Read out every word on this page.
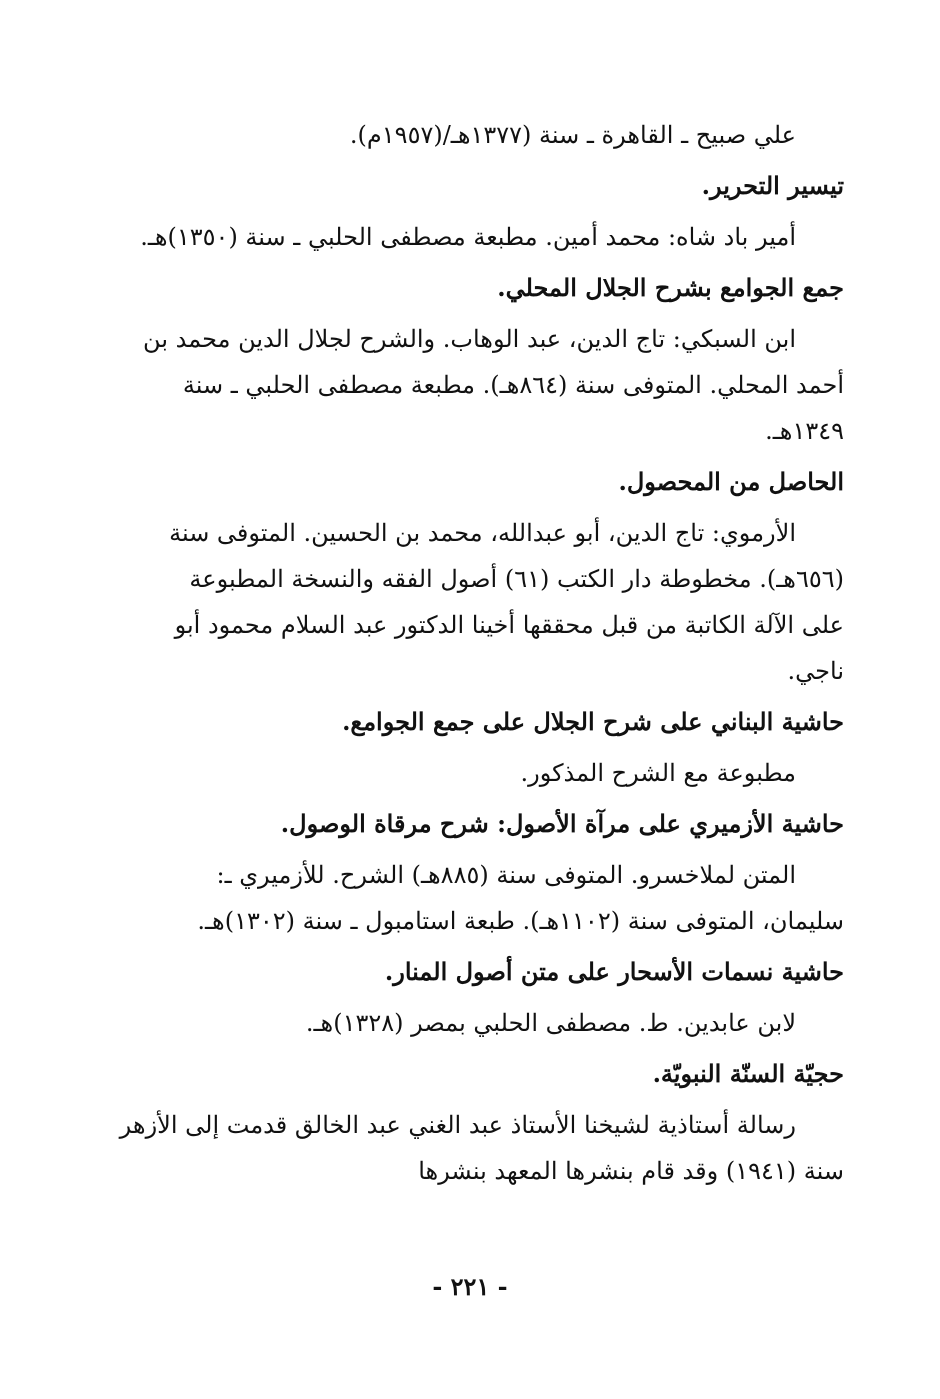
علي صبيح ـ القاهرة ـ سنة (١٣٧٧هـ/(١٩٥٧م).

تيسير التحرير.

أمير باد شاه: محمد أمين. مطبعة مصطفى الحلبي ـ سنة (١٣٥٠)هـ.

جمع الجوامع بشرح الجلال المحلي.

ابن السبكي: تاج الدين، عبد الوهاب. والشرح لجلال الدين محمد بن

أحمد المحلي. المتوفى سنة (٨٦٤هـ). مطبعة مصطفى الحلبي ـ سنة

١٣٤٩هـ.

الحاصل من المحصول.

الأرموي: تاج الدين، أبو عبدالله، محمد بن الحسين. المتوفى سنة

(٦٥٦هـ). مخطوطة دار الكتب (٦١) أصول الفقه والنسخة المطبوعة

على الآلة الكاتبة من قبل محققها أخينا الدكتور عبد السلام محمود أبو

ناجي.

حاشية البناني على شرح الجلال على جمع الجوامع.

مطبوعة مع الشرح المذكور.

حاشية الأزميري على مرآة الأصول: شرح مرقاة الوصول.

المتن لملاخسرو. المتوفى سنة (٨٨٥هـ) الشرح. للأزميري ـ:

سليمان، المتوفى سنة (١١٠٢هـ). طبعة استامبول ـ سنة (١٣٠٢)هـ.

حاشية نسمات الأسحار على متن أصول المنار.

لابن عابدين. ط. مصطفى الحلبي بمصر (١٣٢٨)هـ.

حجيّة السنّة النبويّة.

رسالة أستاذية لشيخنا الأستاذ عبد الغني عبد الخالق قدمت إلى الأزهر

سنة (١٩٤١) وقد قام بنشرها المعهد بنشرها

- ٢٢١ -
